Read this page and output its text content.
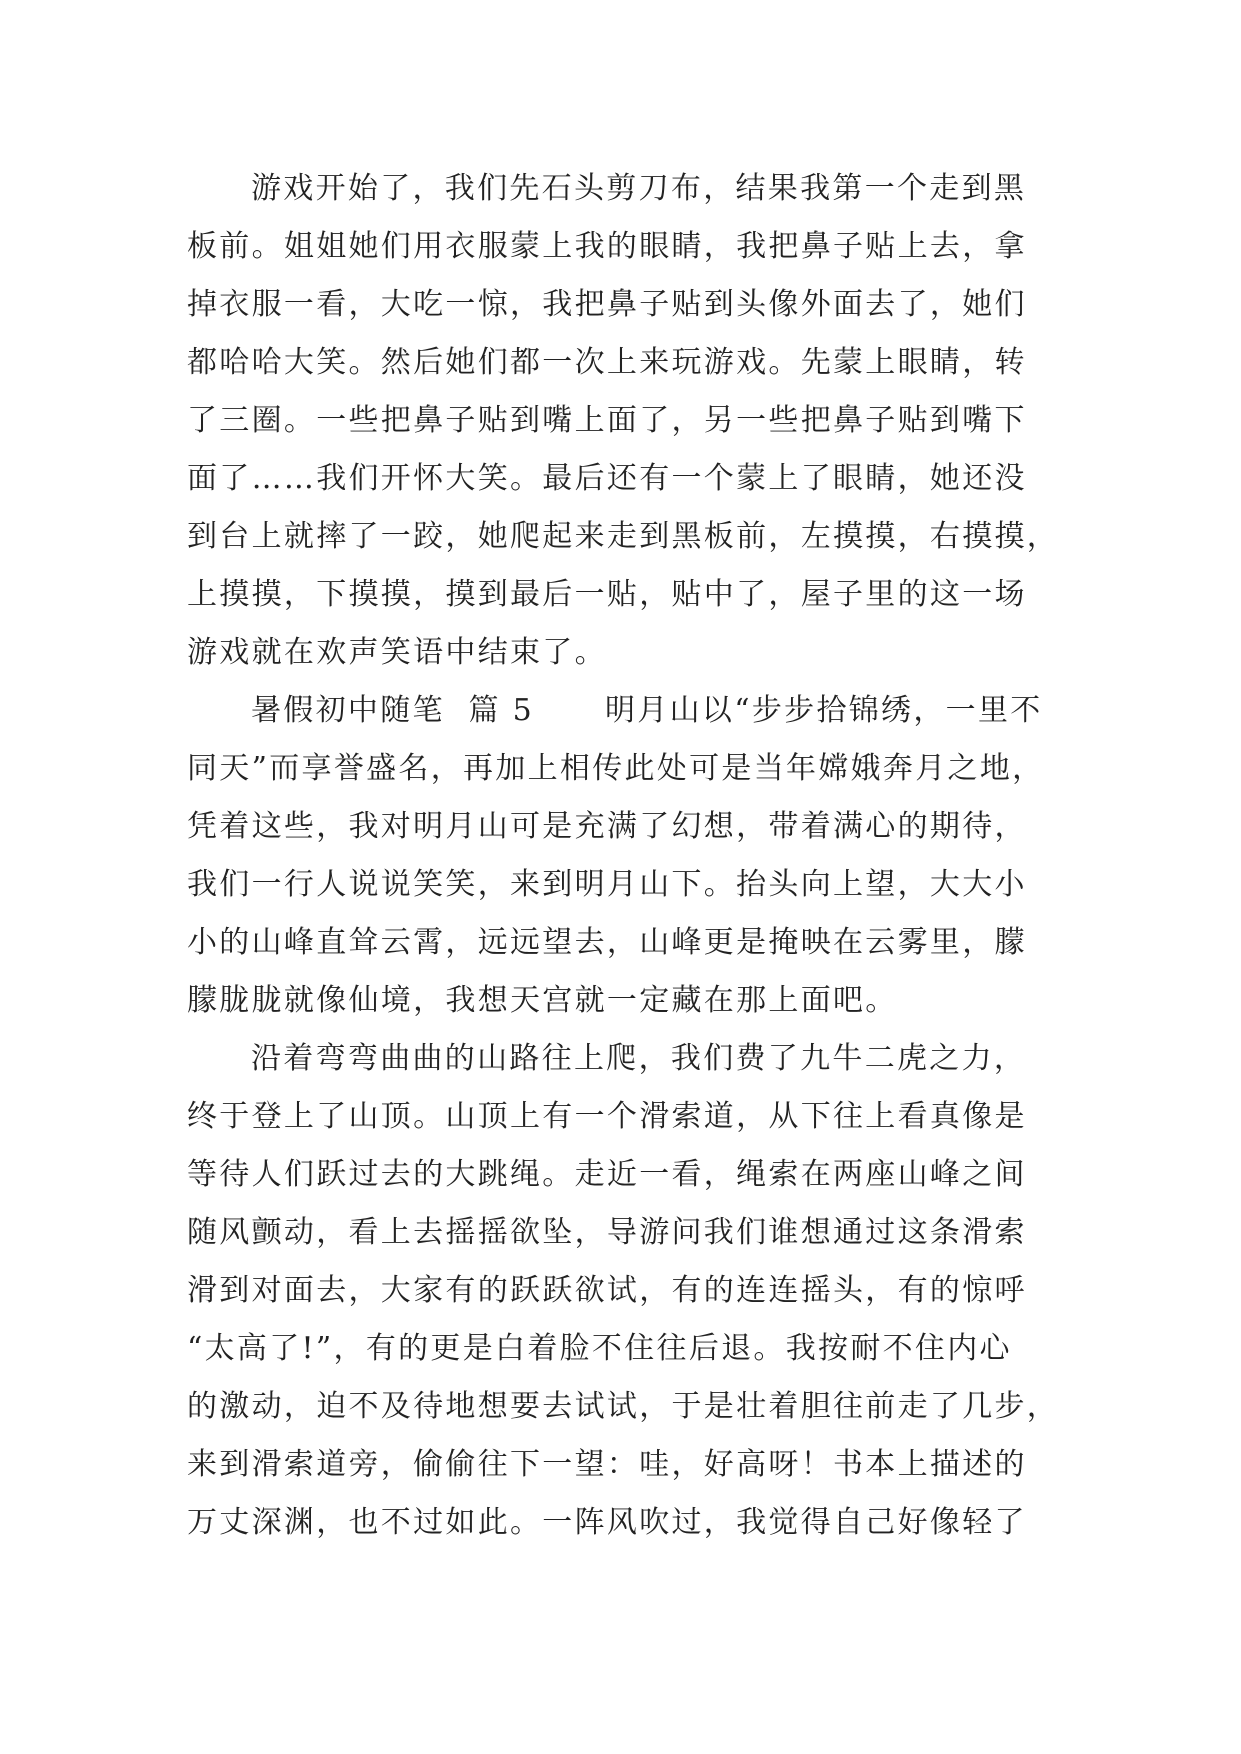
游戏开始了，我们先石头剪刀布，结果我第一个走到黑
板前。姐姐她们用衣服蒙上我的眼睛，我把鼻子贴上去，拿
掉衣服一看，大吃一惊，我把鼻子贴到头像外面去了，她们
都哈哈大笑。然后她们都一次上来玩游戏。先蒙上眼睛，转
了三圈。一些把鼻子贴到嘴上面了，另一些把鼻子贴到嘴下
面了……我们开怀大笑。最后还有一个蒙上了眼睛，她还没
到台上就摔了一跤，她爬起来走到黑板前，左摸摸，右摸摸，
上摸摸，下摸摸，摸到最后一贴，贴中了，屋子里的这一场
游戏就在欢声笑语中结束了。
暑假初中随笔  篇 5      明月山以“步步拾锦绣，一里不
同天”而享誉盛名，再加上相传此处可是当年嫦娥奔月之地，
凭着这些，我对明月山可是充满了幻想，带着满心的期待，
我们一行人说说笑笑，来到明月山下。抬头向上望，大大小
小的山峰直耸云霄，远远望去，山峰更是掩映在云雾里，朦
朦胧胧就像仙境，我想天宫就一定藏在那上面吧。
沿着弯弯曲曲的山路往上爬，我们费了九牛二虎之力，
终于登上了山顶。山顶上有一个滑索道，从下往上看真像是
等待人们跃过去的大跳绳。走近一看，绳索在两座山峰之间
随风颤动，看上去摇摇欲坠，导游问我们谁想通过这条滑索
滑到对面去，大家有的跃跃欲试，有的连连摇头，有的惊呼
“太高了!”，有的更是白着脸不住往后退。我按耐不住内心
的激动，迫不及待地想要去试试，于是壮着胆往前走了几步，
来到滑索道旁，偷偷往下一望：哇，好高呀！书本上描述的
万丈深渊，也不过如此。一阵风吹过，我觉得自己好像轻了
